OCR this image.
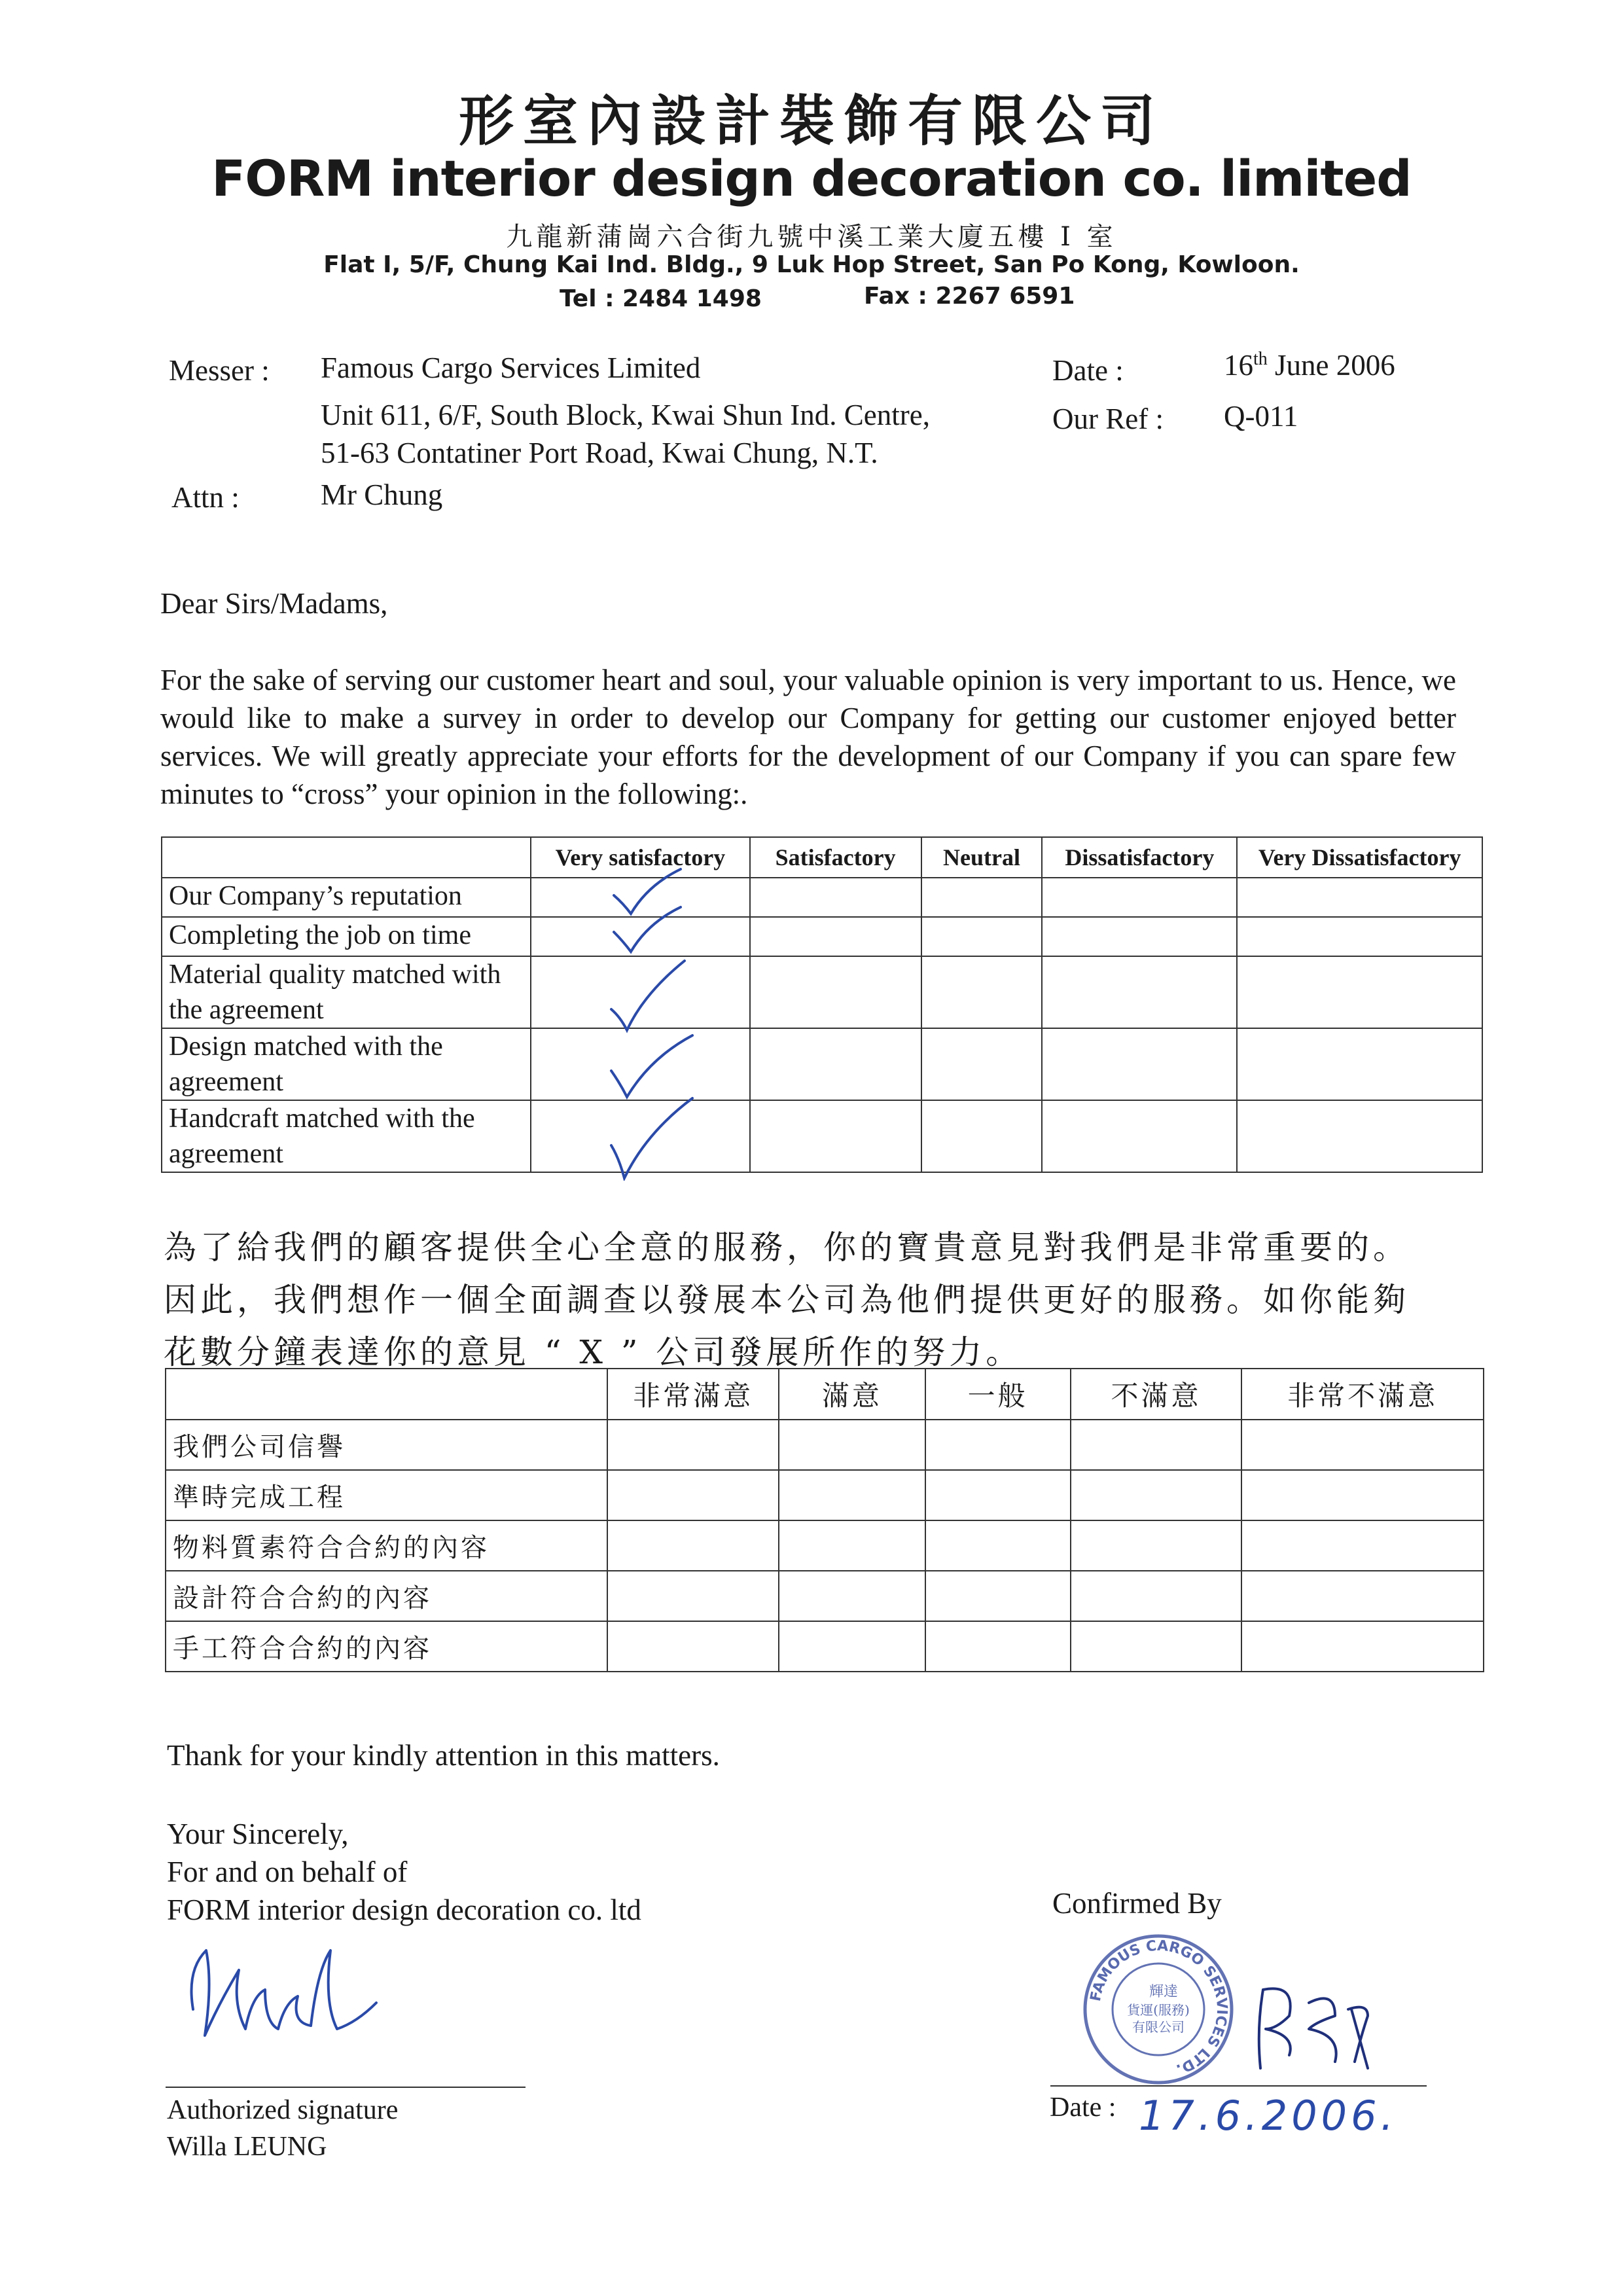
形室內設計裝飾有限公司
FORM interior design decoration co. limited
九龍新蒲崗六合街九號中溪工業大廈五樓 I 室
Flat I, 5/F, Chung Kai Ind. Bldg., 9 Luk Hop Street, San Po Kong, Kowloon.
Tel : 2484 1498	Fax : 2267 6591
Messer : Famous Cargo Services Limited
Unit 611, 6/F, South Block, Kwai Shun Ind. Centre,
51-63 Contatiner Port Road, Kwai Chung, N.T.
Attn :	Mr Chung
Date :	16th June 2006
Our Ref : Q-011
Dear Sirs/Madams,
For the sake of serving our customer heart and soul, your valuable opinion is very important to us. Hence, we would like to make a survey in order to develop our Company for getting our customer enjoyed better services. We will greatly appreciate your efforts for the development of our Company if you can spare few minutes to “cross” your opinion in the following:.
	Very satisfactory	Satisfactory	Neutral	Dissatisfactory	Very Dissatisfactory
Our Company’s reputation	

Completing the job on time	

Material quality matched with the agreement	

Design matched with the agreement	

Handcraft matched with the agreement	

為了給我們的顧客提供全心全意的服務，你的寶貴意見對我們是非常重要的。
因此，我們想作一個全面調查以發展本公司為他們提供更好的服務。如你能夠
花數分鐘表達你的意見 “ X ” 公司發展所作的努力。
	非常滿意	滿意	一般	不滿意	非常不滿意
我們公司信譽					
準時完成工程					
物料質素符合合約的內容					
設計符合合約的內容					
手工符合合約的內容					
Thank for your kindly attention in this matters.
Your Sincerely,
For and on behalf of
FORM interior design decoration co. ltd
Authorized signature
Willa LEUNG
Confirmed By
FAMOUS CARGO SERVICES LTD.
輝達
貨運(服務)
有限公司
Date : 17.6.2006.
